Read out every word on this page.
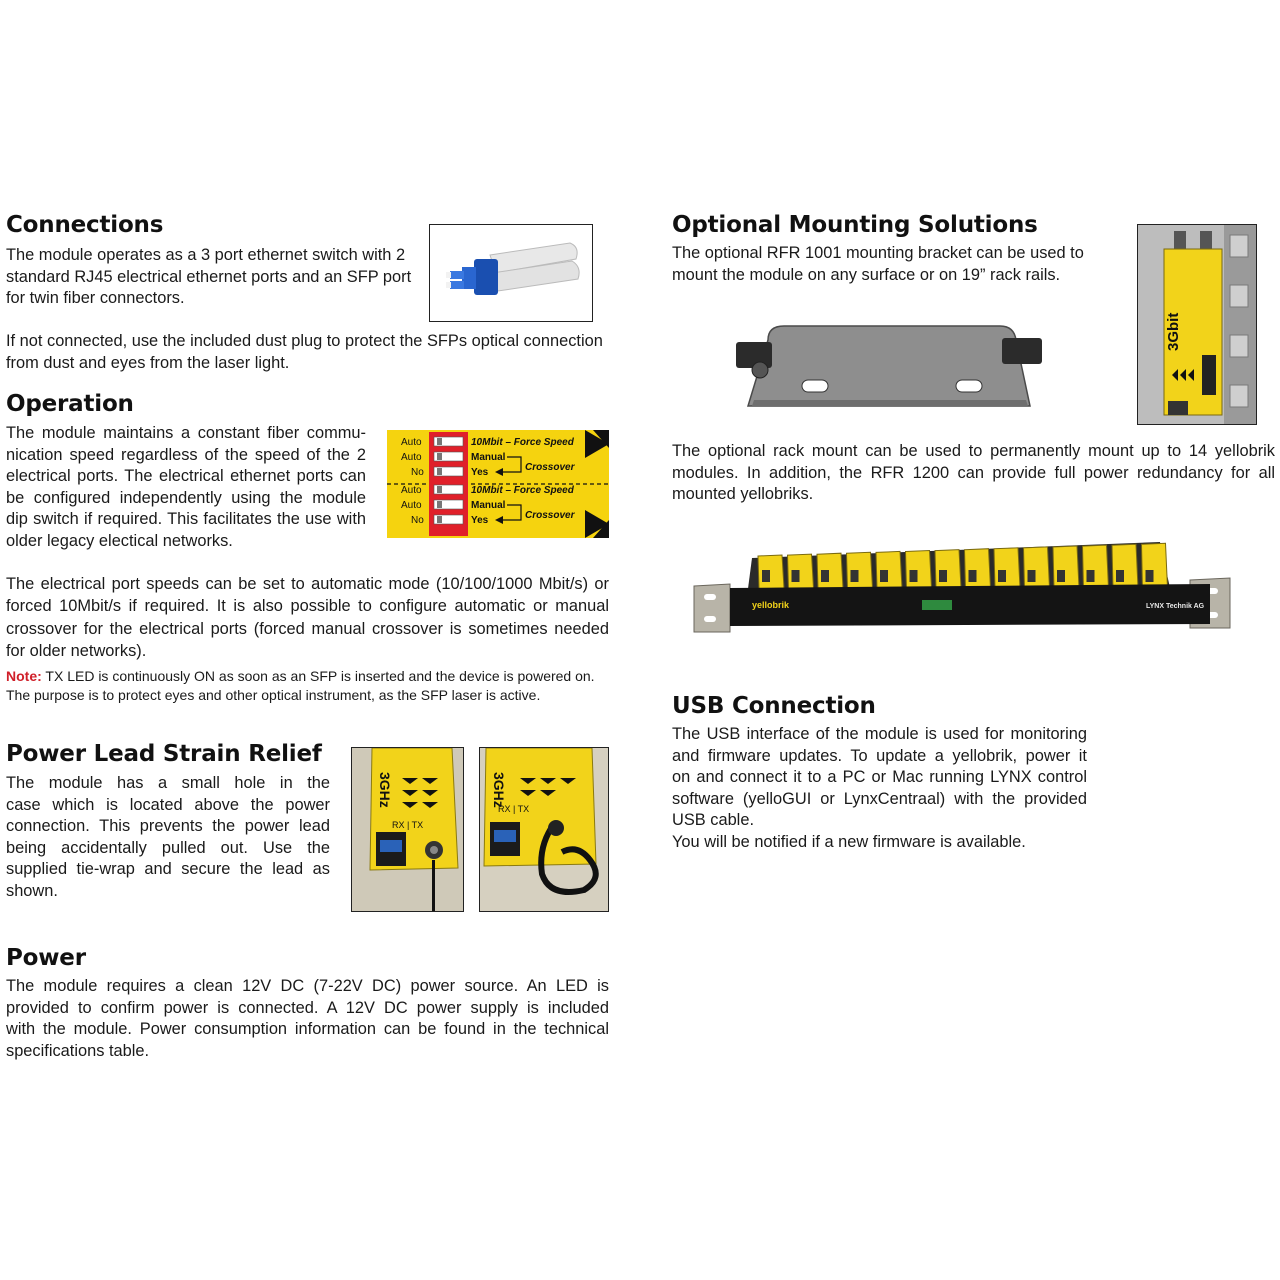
Connections
The module operates as a 3 port ethernet switch with 2
standard RJ45 electrical ethernet ports and an SFP port
for twin fiber connectors.
If not connected, use the included dust plug to protect the SFPs optical connection
from dust and eyes from the laser light.
Operation
The module maintains a constant fiber commu-
nication speed regardless of the speed of the 2
electrical ports. The electrical ethernet ports can
be configured independently using the module
dip switch if required. This facilitates the use with
older legacy electical networks.
Auto
Auto
No
Auto
Auto
No
10Mbit – Force Speed
Manual
Yes
10Mbit – Force Speed
Manual
Yes
Crossover
Crossover
The electrical port speeds can be set to automatic mode (10/100/1000 Mbit/s) or
forced 10Mbit/s if required. It is also possible to configure automatic or manual
crossover for the electrical ports (forced manual crossover is sometimes needed
for older networks).
Note: TX LED is continuously ON as soon as an SFP is inserted and the device is powered on.
The purpose is to protect eyes and other optical instrument, as the SFP laser is active.
Power Lead Strain Relief
The module has a small hole in the
case which is located above the power
connection. This prevents the power lead
being accidentally pulled out. Use the
supplied tie-wrap and secure the lead as
shown.
3GHz
RX | TX
3GHz
RX | TX
Power
The module requires a clean 12V DC (7-22V DC) power source. An LED is
provided to confirm power is connected. A 12V DC power supply is included
with the module. Power consumption information can be found in the technical
specifications table.
Optional Mounting Solutions
The optional RFR 1001 mounting bracket can be used to
mount the module on any surface or on 19” rack rails.
3Gbit
The optional rack mount can be used to permanently mount up to 14 yellobrik
modules. In addition, the RFR 1200 can provide full power redundancy for all
mounted yellobriks.
yellobrik	LYNX Technik AG
USB Connection
The USB interface of the module is used for monitoring
and firmware updates. To update a yellobrik, power it
on and connect it to a PC or Mac running LYNX control
software (yelloGUI or LynxCentraal) with the provided
USB cable.
You will be notified if a new firmware is available.
